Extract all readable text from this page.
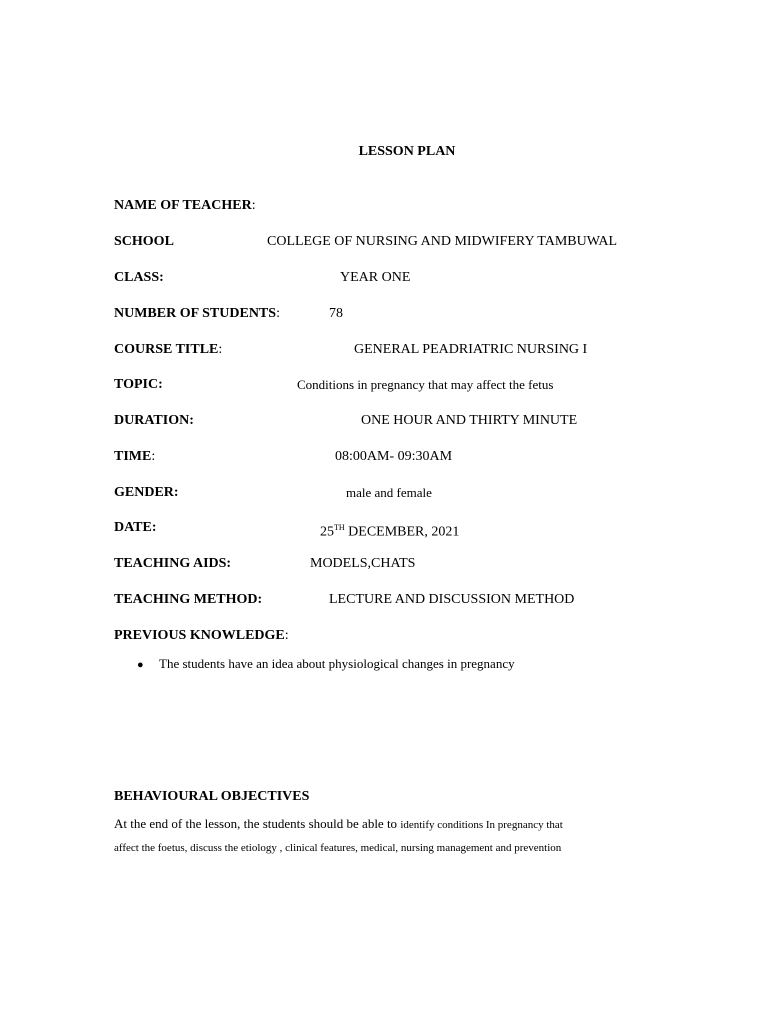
LESSON PLAN
NAME OF TEACHER:
SCHOOL	COLLEGE OF NURSING AND MIDWIFERY TAMBUWAL
CLASS:	YEAR ONE
NUMBER OF STUDENTS:	78
COURSE TITLE:	GENERAL PEADRIATRIC NURSING I
TOPIC:	Conditions in pregnancy that may affect the fetus
DURATION:	ONE HOUR AND THIRTY MINUTE
TIME:	08:00AM- 09:30AM
GENDER:	male and female
DATE:	25TH DECEMBER, 2021
TEACHING AIDS:	MODELS,CHATS
TEACHING METHOD:	LECTURE AND DISCUSSION METHOD
PREVIOUS KNOWLEDGE:
● The students have an idea about physiological changes in pregnancy
BEHAVIOURAL OBJECTIVES
At the end of the lesson, the students should be able to identify conditions In pregnancy that
affect the foetus, discuss the etiology , clinical features, medical, nursing management and prevention
